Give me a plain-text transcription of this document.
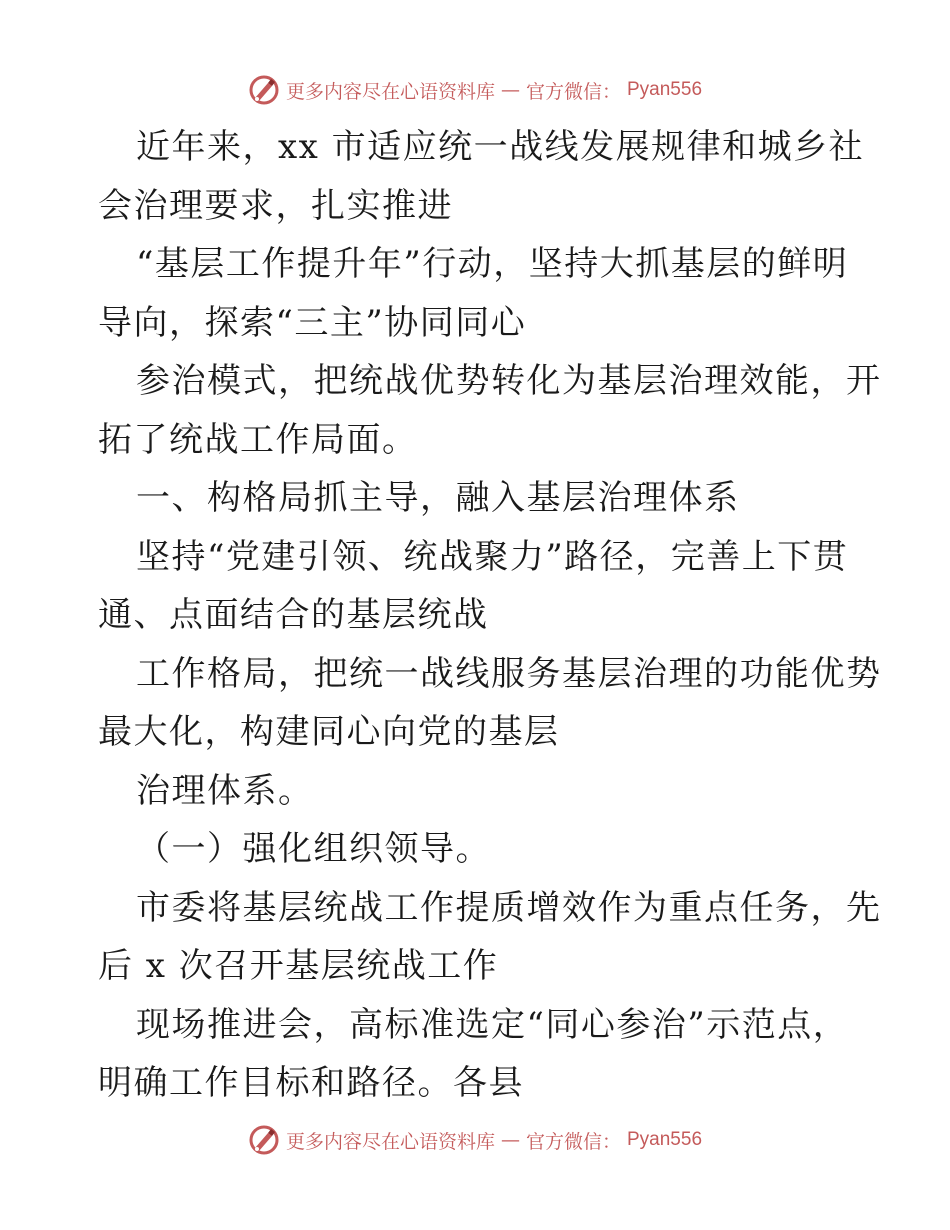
更多内容尽在心语资料库 — 官方微信： Pyan556
近年来，xx 市适应统一战线发展规律和城乡社
会治理要求，扎实推进
“基层工作提升年”行动，坚持大抓基层的鲜明
导向，探索“三主”协同同心
参治模式，把统战优势转化为基层治理效能，开
拓了统战工作局面。
一、构格局抓主导，融入基层治理体系
坚持“党建引领、统战聚力”路径，完善上下贯
通、点面结合的基层统战
工作格局，把统一战线服务基层治理的功能优势
最大化，构建同心向党的基层
治理体系。
（一）强化组织领导。
市委将基层统战工作提质增效作为重点任务，先
后 x 次召开基层统战工作
现场推进会，高标准选定“同心参治”示范点，
明确工作目标和路径。各县
更多内容尽在心语资料库 — 官方微信： Pyan556
